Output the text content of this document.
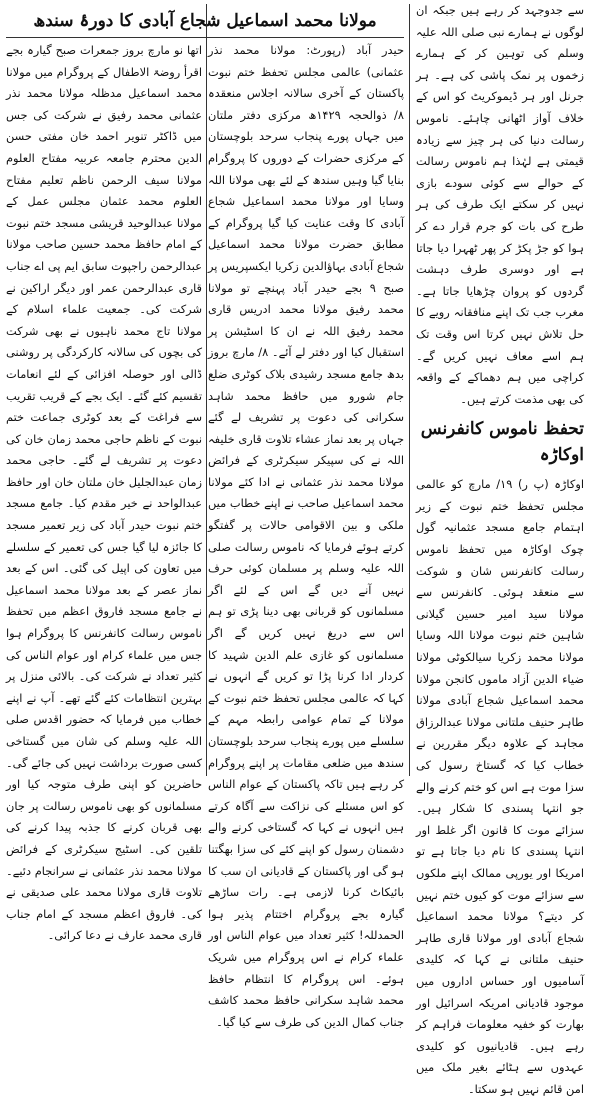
مولانا محمد اسماعیل شجاع آبادی کا دورۂ سندھ

سے جدوجہد کر رہے ہیں جبکہ ان لوگوں نے ہمارے نبی صلی اللہ علیہ وسلم کی توہین کر کے ہمارے زخموں پر نمک پاشی کی ہے۔ ہر جرنل اور ہر ڈیموکریٹ کو اس کے خلاف آواز اٹھانی چاہئے۔ ناموس رسالت دنیا کی ہر چیز سے زیادہ قیمتی ہے لہٰذا ہم ناموس رسالت کے حوالے سے کوئی سودے بازی نہیں کر سکتے ایک طرف کی ہر طرح کی بات کو جرم قرار دے کر ہوا کو جڑ پکڑ کر پھر ٹھہرا دیا جاتا ہے اور دوسری طرف دہشت گردوں کو پروان چڑھایا جاتا ہے۔ مغرب جب تک اپنے منافقانہ رویے کا حل تلاش نہیں کرتا اس وقت تک ہم اسے معاف نہیں کریں گے۔ کراچی میں ہم دھماکے کے واقعہ کی بھی مذمت کرتے ہیں۔

تحفظ ناموس کانفرنس اوکاڑہ

اوکاڑہ (پ ر) ۱۹/ مارچ کو عالمی مجلس تحفظ ختم نبوت کے زیر اہتمام جامع مسجد عثمانیہ گول چوک اوکاڑہ میں تحفظ ناموس رسالت کانفرنس شان و شوکت سے منعقد ہوئی۔ کانفرنس سے مولانا سید امیر حسین گیلانی شاہین ختم نبوت مولانا اللہ وسایا مولانا محمد زکریا سیالکوٹی مولانا ضیاء الدین آزاد ماموں کانجن مولانا محمد اسماعیل شجاع آبادی مولانا طاہر حنیف ملتانی مولانا عبدالرزاق مجاہد کے علاوہ دیگر مقررین نے خطاب کیا کہ گستاخ رسول کی سزا موت ہے اس کو ختم کرنے والے جو انتہا پسندی کا شکار ہیں۔ سزائے موت کا قانون اگر غلط اور انتہا پسندی کا نام دیا جاتا ہے تو امریکا اور یورپی ممالک اپنے ملکوں سے سزائے موت کو کیوں ختم نہیں کر دیتے؟ مولانا محمد اسماعیل شجاع آبادی اور مولانا قاری طاہر حنیف ملتانی نے کہا کہ کلیدی آسامیوں اور حساس اداروں میں موجود قادیانی امریکہ اسرائیل اور بھارت کو خفیہ معلومات فراہم کر رہے ہیں۔ قادیانیوں کو کلیدی عہدوں سے ہٹائے بغیر ملک میں امن قائم نہیں ہو سکتا۔

حیدر آباد (رپورٹ: مولانا محمد نذر عثمانی) عالمی مجلس تحفظ ختم نبوت پاکستان کے آخری سالانہ اجلاس منعقدہ ۸/ ذوالحجہ ۱۴۲۹ھ مرکزی دفتر ملتان میں جہاں پورے پنجاب سرحد بلوچستان کے مرکزی حضرات کے دوروں کا پروگرام بنایا گیا وہیں سندھ کے لئے بھی مولانا اللہ وسایا اور مولانا محمد اسماعیل شجاع آبادی کا وقت عنایت کیا گیا پروگرام کے مطابق حضرت مولانا محمد اسماعیل شجاع آبادی بہاؤالدین زکریا ایکسپریس پر صبح ۹ بجے حیدر آباد پہنچے تو مولانا محمد رفیق مولانا محمد ادریس قاری محمد رفیق اللہ نے ان کا اسٹیشن پر استقبال کیا اور دفتر لے آئے۔ ۸/ مارچ بروز بدھ جامع مسجد رشیدی بلاک کوٹری ضلع جام شورو میں حافظ محمد شاہد سکرانی کی دعوت پر تشریف لے گئے جہاں پر بعد نماز عشاء تلاوت قاری خلیفہ اللہ نے کی سپیکر سیکرٹری کے فرائض مولانا محمد نذر عثمانی نے ادا کئے مولانا محمد اسماعیل صاحب نے اپنے خطاب میں ملکی و بین الاقوامی حالات پر گفتگو کرتے ہوئے فرمایا کہ ناموس رسالت صلی اللہ علیہ وسلم پر مسلمان کوئی حرف نہیں آنے دیں گے اس کے لئے اگر مسلمانوں کو قربانی بھی دینا پڑی تو ہم اس سے دریغ نہیں کریں گے اگر مسلمانوں کو غازی علم الدین شہید کا کردار ادا کرنا پڑا تو کریں گے انہوں نے کہا کہ عالمی مجلس تحفظ ختم نبوت کے مولانا کے تمام عوامی رابطہ مہم کے سلسلے میں پورے پنجاب سرحد بلوچستان سندھ میں ضلعی مقامات پر اپنے پروگرام کر رہے ہیں تاکہ پاکستان کے عوام الناس کو اس مسئلے کی نزاکت سے آگاہ کرتے ہیں انہوں نے کہا کہ گستاخی کرنے والے دشمنان رسول کو اپنے کئے کی سزا بھگتنا ہو گی اور پاکستان کے قادیانی ان سب کا بائیکاٹ کرنا لازمی ہے۔ رات ساڑھے گیارہ بجے پروگرام اختتام پذیر ہوا الحمدللہ! کثیر تعداد میں عوام الناس اور علماء کرام نے اس پروگرام میں شریک ہوئے۔ اس پروگرام کا انتظام حافظ محمد شاہد سکرانی حافظ محمد کاشف جناب کمال الدین کی طرف سے کیا گیا۔

اتھا نو مارچ بروز جمعرات صبح گیارہ بجے اقرأ روضۃ الاطفال کے پروگرام میں مولانا محمد اسماعیل مدظلہ مولانا محمد نذر عثمانی محمد رفیق نے شرکت کی جس میں ڈاکٹر تنویر احمد خان مفتی حسن الدین محترم جامعہ عربیہ مفتاح العلوم مولانا سیف الرحمن ناظم تعلیم مفتاح العلوم محمد عثمان مجلس عمل کے مولانا عبدالوحید قریشی مسجد ختم نبوت کے امام حافظ محمد حسین صاحب مولانا عبدالرحمن راجپوت سابق ایم پی اے جناب قاری عبدالرحمن عمر اور دیگر اراکین نے شرکت کی۔ جمعیت علماء اسلام کے مولانا تاج محمد ناہیوں نے بھی شرکت کی بچوں کی سالانہ کارکردگی پر روشنی ڈالی اور حوصلہ افزائی کے لئے انعامات تقسیم کئے گئے۔ ایک بجے کے قریب تقریب سے فراغت کے بعد کوٹری جماعت ختم نبوت کے ناظم حاجی محمد زمان خان کی دعوت پر تشریف لے گئے۔ حاجی محمد زمان عبدالجلیل خان ملتان خان اور حافظ عبدالواحد نے خیر مقدم کیا۔ جامع مسجد ختم نبوت حیدر آباد کی زیر تعمیر مسجد کا جائزہ لیا گیا جس کی تعمیر کے سلسلے میں تعاون کی اپیل کی گئی۔ اس کے بعد نماز عصر کے بعد مولانا محمد اسماعیل نے جامع مسجد فاروق اعظم میں تحفظ ناموس رسالت کانفرنس کا پروگرام ہوا جس میں علماء کرام اور عوام الناس کی کثیر تعداد نے شرکت کی۔ بالائی منزل پر بہترین انتظامات کئے گئے تھے۔ آپ نے اپنے خطاب میں فرمایا کہ حضور اقدس صلی اللہ علیہ وسلم کی شان میں گستاخی کسی صورت برداشت نہیں کی جائے گی۔ حاضرین کو اپنی طرف متوجہ کیا اور مسلمانوں کو بھی ناموس رسالت پر جان بھی قربان کرنے کا جذبہ پیدا کرنے کی تلقین کی۔ اسٹیج سیکرٹری کے فرائض مولانا محمد نذر عثمانی نے سرانجام دئیے۔ تلاوت قاری مولانا محمد علی صدیقی نے کی۔ فاروق اعظم مسجد کے امام جناب قاری محمد عارف نے دعا کرائی۔
